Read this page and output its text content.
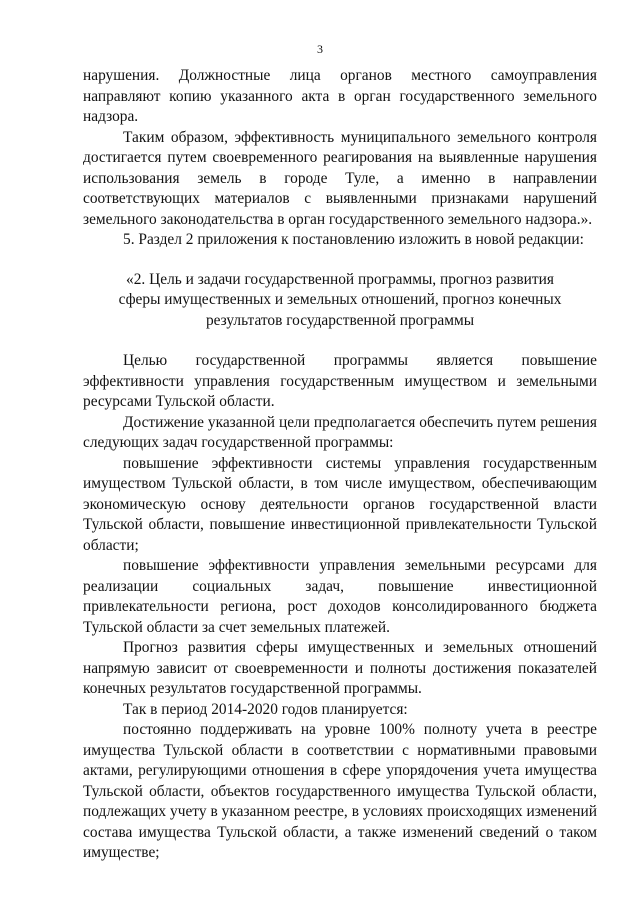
3

нарушения. Должностные лица органов местного самоуправления направляют копию указанного акта в орган государственного земельного надзора.

Таким образом, эффективность муниципального земельного контроля достигается путем своевременного реагирования на выявленные нарушения использования земель в городе Туле, а именно в направлении соответствующих материалов с выявленными признаками нарушений земельного законодательства в орган государственного земельного надзора.».

5. Раздел 2 приложения к постановлению изложить в новой редакции:

«2. Цель и задачи государственной программы, прогноз развития
сферы имущественных и земельных отношений, прогноз конечных
результатов государственной программы

Целью государственной программы является повышение эффективности управления государственным имуществом и земельными ресурсами Тульской области.

Достижение указанной цели предполагается обеспечить путем решения следующих задач государственной программы:

повышение эффективности системы управления государственным имуществом Тульской области, в том числе имуществом, обеспечивающим экономическую основу деятельности органов государственной власти Тульской области, повышение инвестиционной привлекательности Тульской области;

повышение эффективности управления земельными ресурсами для реализации социальных задач, повышение инвестиционной привлекательности региона, рост доходов консолидированного бюджета Тульской области за счет земельных платежей.

Прогноз развития сферы имущественных и земельных отношений напрямую зависит от своевременности и полноты достижения показателей конечных результатов государственной программы.

Так в период 2014-2020 годов планируется:

постоянно поддерживать на уровне 100% полноту учета в реестре имущества Тульской области в соответствии с нормативными правовыми актами, регулирующими отношения в сфере упорядочения учета имущества Тульской области, объектов государственного имущества Тульской области, подлежащих учету в указанном реестре, в условиях происходящих изменений состава имущества Тульской области, а также изменений сведений о таком имуществе;
